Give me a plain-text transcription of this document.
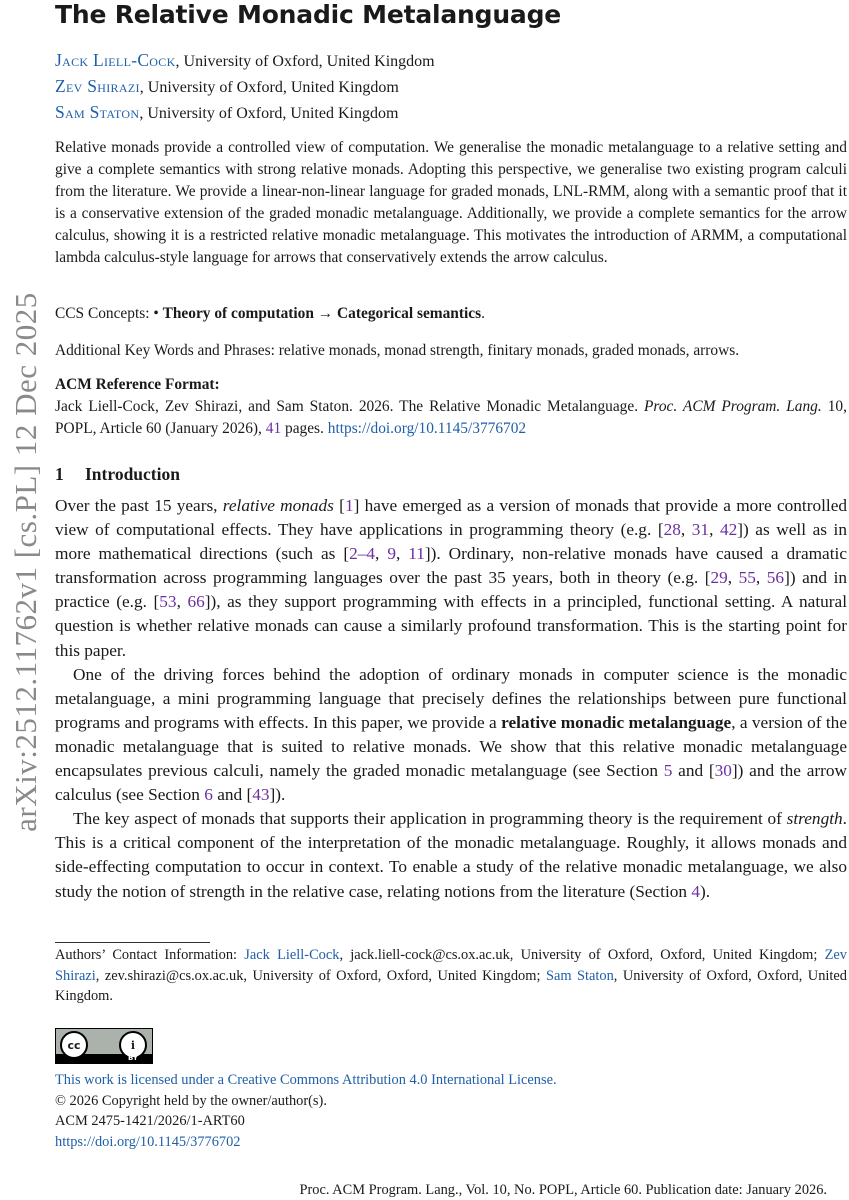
arXiv:2512.11762v1 [cs.PL] 12 Dec 2025
The Relative Monadic Metalanguage
Jack Liell-Cock, University of Oxford, United Kingdom
Zev Shirazi, University of Oxford, United Kingdom
Sam Staton, University of Oxford, United Kingdom

Relative monads provide a controlled view of computation. We generalise the monadic metalanguage to a relative setting and give a complete semantics with strong relative monads. Adopting this perspective, we generalise two existing program calculi from the literature. We provide a linear-non-linear language for graded monads, LNL-RMM, along with a semantic proof that it is a conservative extension of the graded monadic metalanguage. Additionally, we provide a complete semantics for the arrow calculus, showing it is a restricted relative monadic metalanguage. This motivates the introduction of ARMM, a computational lambda calculus-style language for arrows that conservatively extends the arrow calculus.

CCS Concepts: • Theory of computation → Categorical semantics.
Additional Key Words and Phrases: relative monads, monad strength, finitary monads, graded monads, arrows.
ACM Reference Format:
Jack Liell-Cock, Zev Shirazi, and Sam Staton. 2026. The Relative Monadic Metalanguage. Proc. ACM Program. Lang. 10, POPL, Article 60 (January 2026), 41 pages. https://doi.org/10.1145/3776702
1 Introduction

Over the past 15 years, relative monads [1] have emerged as a version of monads that provide a more controlled view of computational effects. They have applications in programming theory (e.g. [28, 31, 42]) as well as in more mathematical directions (such as [2–4, 9, 11]). Ordinary, non-relative monads have caused a dramatic transformation across programming languages over the past 35 years, both in theory (e.g. [29, 55, 56]) and in practice (e.g. [53, 66]), as they support programming with effects in a principled, functional setting. A natural question is whether relative monads can cause a similarly profound transformation. This is the starting point for this paper.

One of the driving forces behind the adoption of ordinary monads in computer science is the monadic metalanguage, a mini programming language that precisely defines the relationships between pure functional programs and programs with effects. In this paper, we provide a relative monadic metalanguage, a version of the monadic metalanguage that is suited to relative monads. We show that this relative monadic metalanguage encapsulates previous calculi, namely the graded monadic metalanguage (see Section 5 and [30]) and the arrow calculus (see Section 6 and [43]).

The key aspect of monads that supports their application in programming theory is the requirement of strength. This is a critical component of the interpretation of the monadic metalanguage. Roughly, it allows monads and side-effecting computation to occur in context. To enable a study of the relative monadic metalanguage, we also study the notion of strength in the relative case, relating notions from the literature (Section 4).

Authors’ Contact Information: Jack Liell-Cock, jack.liell-cock@cs.ox.ac.uk, University of Oxford, Oxford, United Kingdom; Zev Shirazi, zev.shirazi@cs.ox.ac.uk, University of Oxford, Oxford, United Kingdom; Sam Staton, University of Oxford, Oxford, United Kingdom.
cc	i
BY
This work is licensed under a Creative Commons Attribution 4.0 International License.
© 2026 Copyright held by the owner/author(s).
ACM 2475-1421/2026/1-ART60
https://doi.org/10.1145/3776702
Proc. ACM Program. Lang., Vol. 10, No. POPL, Article 60. Publication date: January 2026.
